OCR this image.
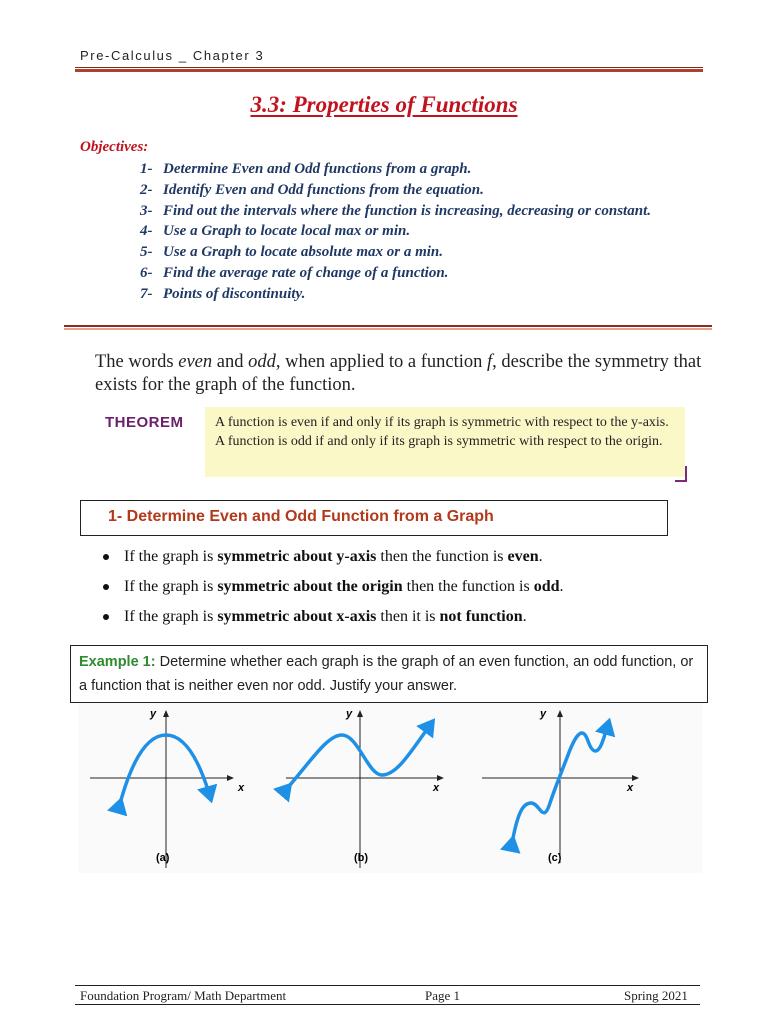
Pre-Calculus _ Chapter 3
3.3: Properties of Functions
Objectives:
1- Determine Even and Odd functions from a graph.
2- Identify Even and Odd functions from the equation.
3- Find out the intervals where the function is increasing, decreasing or constant.
4- Use a Graph to locate local max or min.
5- Use a Graph to locate absolute max or a min.
6- Find the average rate of change of a function.
7- Points of discontinuity.
The words even and odd, when applied to a function f, describe the symmetry that exists for the graph of the function.
THEOREM	A function is even if and only if its graph is symmetric with respect to the y-axis. A function is odd if and only if its graph is symmetric with respect to the origin.
1- Determine Even and Odd Function from a Graph
If the graph is symmetric about y-axis then the function is even.
If the graph is symmetric about the origin then the function is odd.
If the graph is symmetric about x-axis then it is not function.
Example 1: Determine whether each graph is the graph of an even function, an odd function, or a function that is neither even nor odd. Justify your answer.
x
y
(a)
x
y
(b)
x
y
(c)
Foundation Program/ Math Department	Page 1	Spring 2021
